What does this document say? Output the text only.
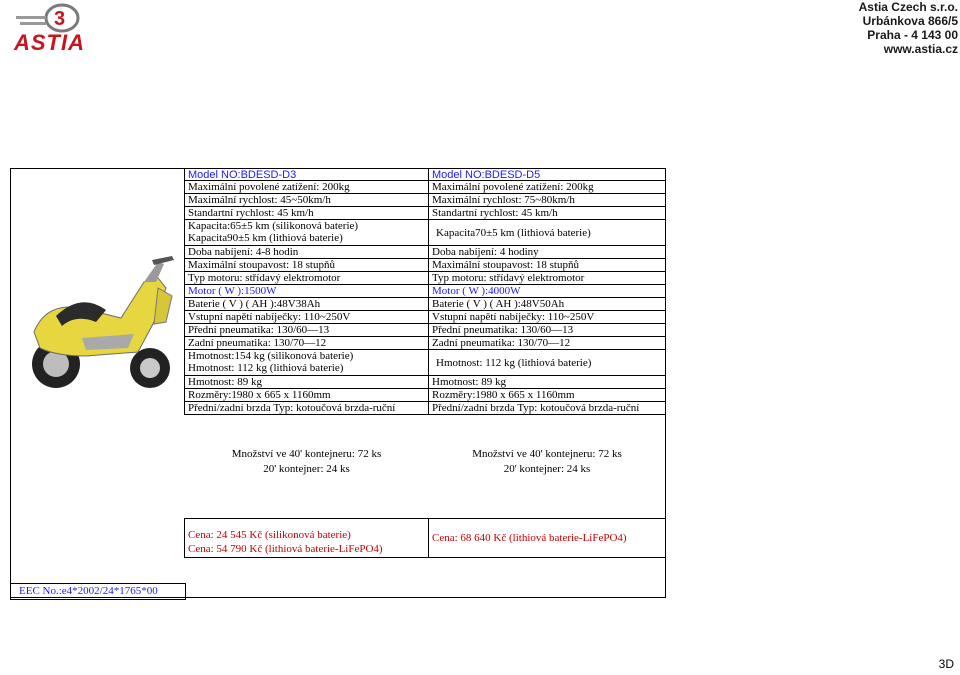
3
ASTIA
Astia Czech s.r.o.
Urbánkova 866/5
Praha - 4 143 00
www.astia.cz
Model NO:BDESD-D3
Maximální povolené zatížení: 200kg
Maximální rychlost: 45~50km/h
Standartní rychlost: 45 km/h
Kapacita:65±5 km (silikonová baterie)
Kapacita90±5 km (lithiová baterie)
Doba nabíjení: 4-8 hodin
Maximální stoupavost: 18 stupňů
Typ motoru: střídavý elektromotor
Motor ( W ):1500W
Baterie ( V ) ( AH ):48V38Ah
Vstupní napětí nabíječky: 110~250V
Přední pneumatika: 130/60—13
Zadní pneumatika: 130/70—12
Hmotnost:154 kg (silikonová baterie)
Hmotnost: 112 kg (lithiová baterie)
Hmotnost: 89 kg
Rozměry:1980 x 665 x 1160mm
Přední/zadní brzda Typ: kotoučová brzda-ruční
Model NO:BDESD-D5
Maximální povolené zatížení: 200kg
Maximální rychlost: 75~80km/h
Standartní rychlost: 45 km/h
Kapacita70±5 km (lithiová baterie)
Doba nabíjení: 4 hodiny
Maximální stoupavost: 18 stupňů
Typ motoru: střídavý elektromotor
Motor ( W ):4000W
Baterie ( V ) ( AH ):48V50Ah
Vstupní napětí nabíječky: 110~250V
Přední pneumatika: 130/60—13
Zadní pneumatika: 130/70—12
Hmotnost: 112 kg (lithiová baterie)
Hmotnost: 89 kg
Rozměry:1980 x 665 x 1160mm
Přední/zadní brzda Typ: kotoučová brzda-ruční
Množství ve 40' kontejneru: 72 ks
20' kontejner: 24 ks
Množství ve 40' kontejneru: 72 ks
20' kontejner: 24 ks
Cena: 24 545 Kč (silikonová baterie)
Cena: 54 790 Kč (lithiová baterie-LiFePO4)
Cena: 68 640 Kč (lithiová baterie-LiFePO4)
EEC No.:e4*2002/24*1765*00
3D
